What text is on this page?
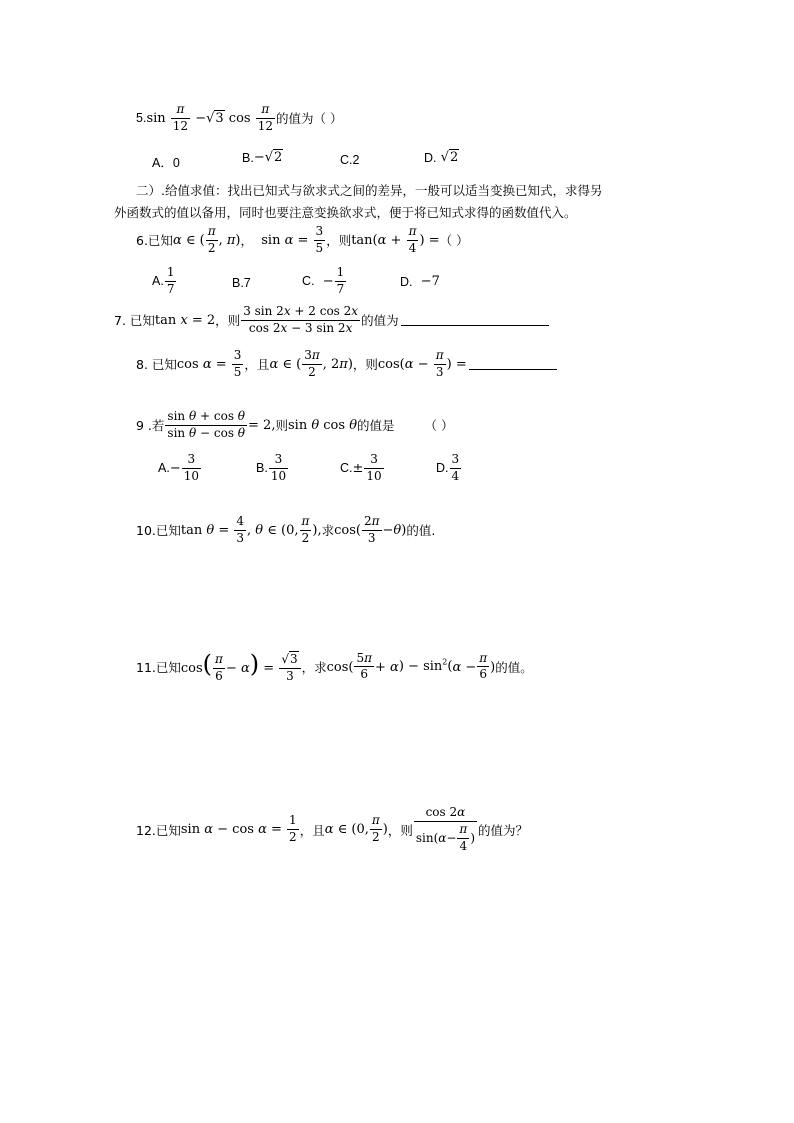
5. $\sin \frac{\pi}{12} -√3$ $\cos \frac{\pi}{12}$ 的值为（ ）
A．0	B. −√2	C.2	D.
√2
二）.给值求值：找出已知式与欲求式之间的差异，一般可以适当变换已知式，求得另
外函数式的值以备用，同时也要注意变换欲求式，便于将已知式求得的函数值代入。
6.已知 α ∈ ( $\frac{\pi}{2}$ , π) ，
$\sin \alpha = \frac{3}{5}$ ，则 $\tan(\alpha + \frac{\pi}{4}$ ) = （ ）
A. $\frac{1}{7}$	B.7	C.
− $\frac{1}{7}$	D.
−7
7. 已知 tan x = 2 ，则 $\frac{3 \sin 2x + 2 \cos 2x}{\cos 2x - 3 \sin 2x}$ 的值为
8. 已知 $\cos \alpha = \frac{3}{5}$ ，且 α ∈ ( $\frac{3\pi}{2}$ , 2π) ，则 $\cos(\alpha - \frac{\pi}{3}$ ) =
9 .若 $\frac{\text{sin θ + cos θ}}{\text{sin θ − cos θ}} = 2$, 则 sin θ cos θ 的值是 （ ）
A. − $\frac{3}{10}$	B. $\frac{3}{10}$	C. ± $\frac{3}{10}$	D. $\frac{3}{4}$
10.已知 $\tan \theta = \frac{4}{3}$ , θ ∈ (0, $\frac{\pi}{2}$ ), 求 $\cos( \frac{2\pi}{3} -\theta)$ 的值.
11.已知 $\cos( \frac{\pi}{6} - \alpha) = \frac{√3}{3}$ ，求 $\cos( \frac{5\pi}{6} + \alpha) - \sin^2(\alpha - \frac{\pi}{6}$ ) 的值。
12.已知 $\sin \alpha - \cos \alpha = \frac{1}{2}$ ，且 α ∈ (0, $\frac{\pi}{2}$ ) ，则 $\frac{\cos 2\alpha}{\sin(\alpha- \frac{\pi}{4} )}$ 的值为？
